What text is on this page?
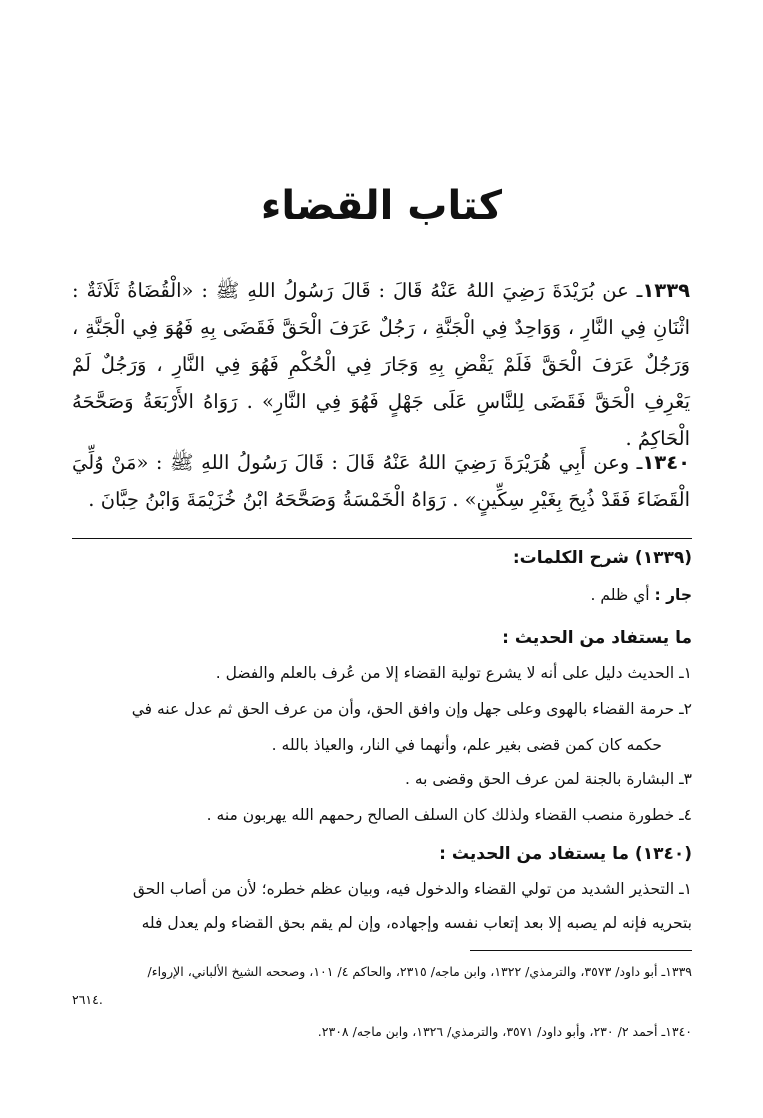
كتاب القضاء
١٣٣٩ـ عن بُرَيْدَةَ رَضِيَ اللهُ عَنْهُ قَالَ : قَالَ رَسُولُ اللهِ ﷺ : «الْقُضَاةُ ثَلَاثَةٌ : اثْنَانِ فِي النَّارِ ، وَوَاحِدٌ فِي الْجَنَّةِ ، رَجُلٌ عَرَفَ الْحَقَّ فَقَضَى بِهِ فَهُوَ فِي الْجَنَّةِ ، وَرَجُلٌ عَرَفَ الْحَقَّ فَلَمْ يَقْضِ بِهِ وَجَارَ فِي الْحُكْمِ فَهُوَ فِي النَّارِ ، وَرَجُلٌ لَمْ يَعْرِفِ الْحَقَّ فَقَضَى لِلنَّاسِ عَلَى جَهْلٍ فَهُوَ فِي النَّارِ» . رَوَاهُ الأَرْبَعَةُ وَصَحَّحَهُ الْحَاكِمُ .
١٣٤٠ـ وعن أَبِي هُرَيْرَةَ رَضِيَ اللهُ عَنْهُ قَالَ : قَالَ رَسُولُ اللهِ ﷺ : «مَنْ وُلِّيَ الْقَضَاءَ فَقَدْ ذُبِحَ بِغَيْرِ سِكِّينٍ» . رَوَاهُ الْخَمْسَةُ وَصَحَّحَهُ ابْنُ خُزَيْمَةَ وَابْنُ حِبَّانَ .
(١٣٣٩) شرح الكلمات:
جار : أي ظلم .
ما يستفاد من الحديث :
١ـ الحديث دليل على أنه لا يشرع تولية القضاء إلا من عُرف بالعلم والفضل .
٢ـ حرمة القضاء بالهوى وعلى جهل وإن وافق الحق، وأن من عرف الحق ثم عدل عنه في
حكمه كان كمن قضى بغير علم، وأنهما في النار، والعياذ بالله .
٣ـ البشارة بالجنة لمن عرف الحق وقضى به .
٤ـ خطورة منصب القضاء ولذلك كان السلف الصالح رحمهم الله يهربون منه .
(١٣٤٠) ما يستفاد من الحديث :
١ـ التحذير الشديد من تولي القضاء والدخول فيه، وبيان عظم خطره؛ لأن من أصاب الحق
بتحريه فإنه لم يصبه إلا بعد إتعاب نفسه وإجهاده، وإن لم يقم بحق القضاء ولم يعدل فله
١٣٣٩ـ أبو داود/ ٣٥٧٣، والترمذي/ ١٣٢٢، وابن ماجه/ ٢٣١٥، والحاكم ٤/ ١٠١، وصححه الشيخ الألباني، الإرواء/
٢٦١٤.
١٣٤٠ـ أحمد ٢/ ٢٣٠، وأبو داود/ ٣٥٧١، والترمذي/ ١٣٢٦، وابن ماجه/ ٢٣٠٨.
